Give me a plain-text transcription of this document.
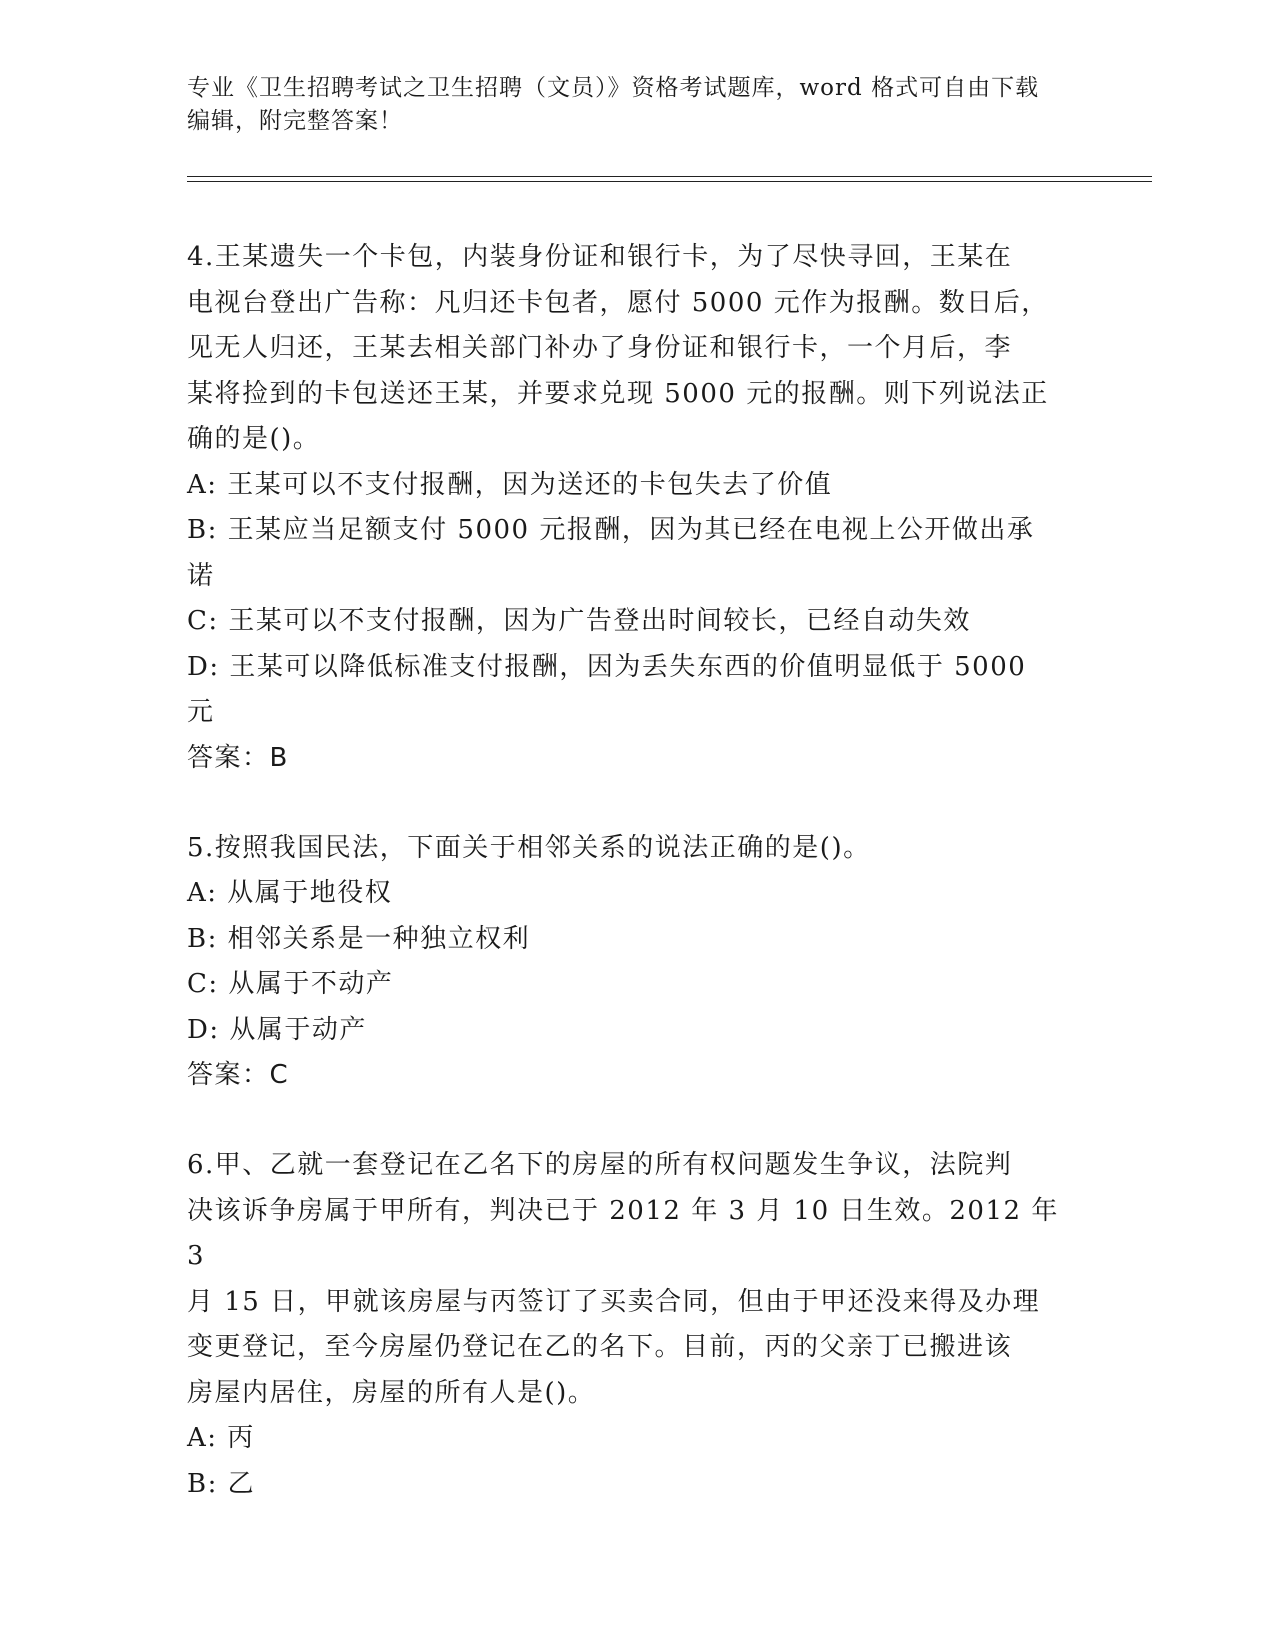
专业《卫生招聘考试之卫生招聘（文员）》资格考试题库，word 格式可自由下载
编辑，附完整答案！

4.王某遗失一个卡包，内装身份证和银行卡，为了尽快寻回，王某在

电视台登出广告称：凡归还卡包者，愿付 5000 元作为报酬。数日后，

见无人归还，王某去相关部门补办了身份证和银行卡，一个月后，李

某将捡到的卡包送还王某，并要求兑现 5000 元的报酬。则下列说法正

确的是()。

A: 王某可以不支付报酬，因为送还的卡包失去了价值

B: 王某应当足额支付 5000 元报酬，因为其已经在电视上公开做出承

诺

C: 王某可以不支付报酬，因为广告登出时间较长，已经自动失效

D: 王某可以降低标准支付报酬，因为丢失东西的价值明显低于 5000

元

答案：B

5.按照我国民法，下面关于相邻关系的说法正确的是()。

A: 从属于地役权

B: 相邻关系是一种独立权利

C: 从属于不动产

D: 从属于动产

答案：C

6.甲、乙就一套登记在乙名下的房屋的所有权问题发生争议，法院判

决该诉争房属于甲所有，判决已于 2012 年 3 月 10 日生效。2012 年 3

月 15 日，甲就该房屋与丙签订了买卖合同，但由于甲还没来得及办理

变更登记，至今房屋仍登记在乙的名下。目前，丙的父亲丁已搬进该

房屋内居住，房屋的所有人是()。

A: 丙

B: 乙
